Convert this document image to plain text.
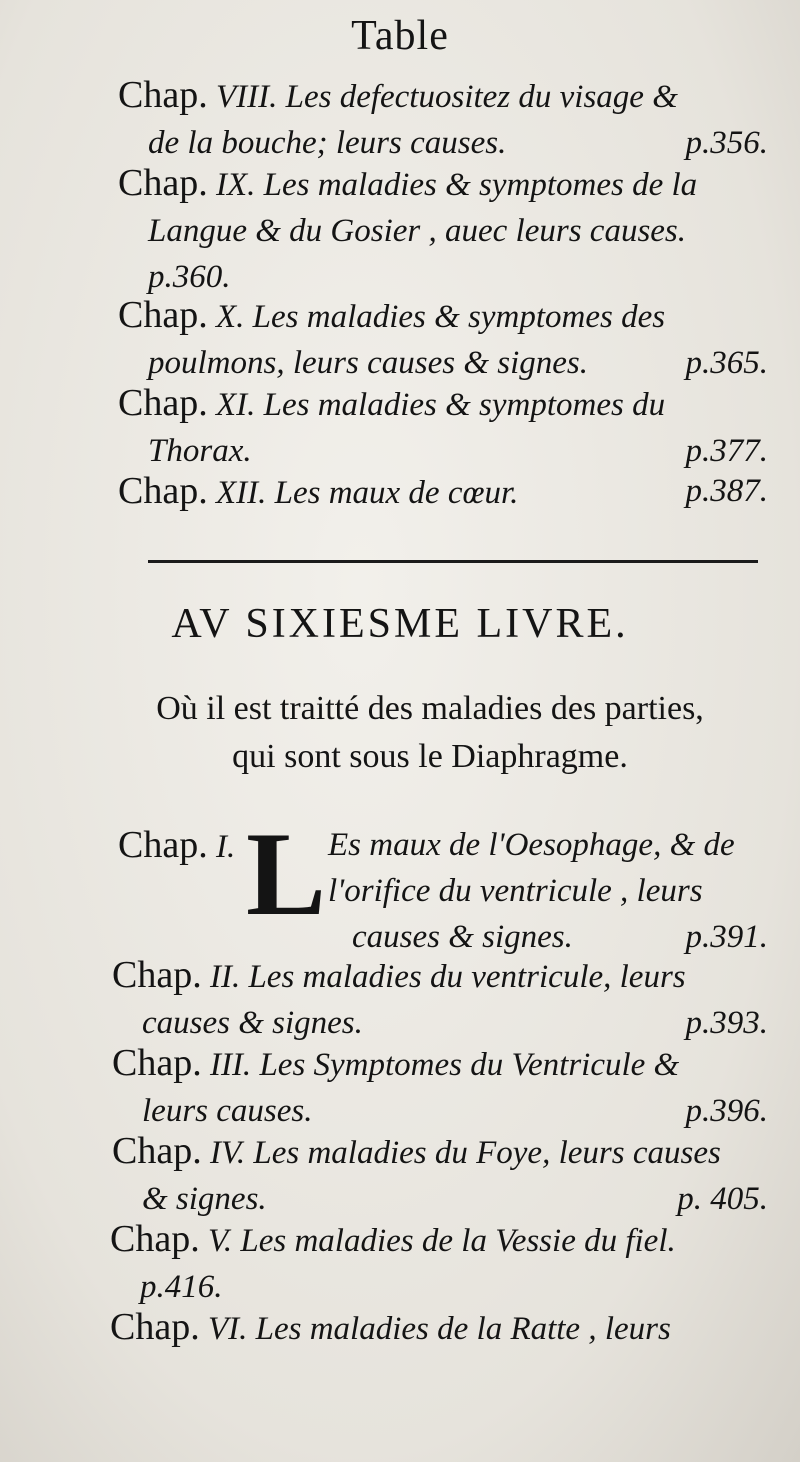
Table
Chap. VIII. Les defectuositez du visage &
de la bouche; leurs causes.	p.356.
Chap. IX. Les maladies & symptomes de la
Langue & du Gosier , auec leurs causes.
p.360.
Chap. X. Les maladies & symptomes des
poulmons, leurs causes & signes.	p.365.
Chap. XI. Les maladies & symptomes du
Thorax.	p.377.
Chap. XII. Les maux de cœur.	p.387.
AV SIXIESME LIVRE.
Où il est traitté des maladies des parties,
qui sont sous le Diaphragme.
Chap. I. L Es maux de l'Oesophage, & de
l'orifice du ventricule , leurs
causes & signes.	p.391.
Chap. II. Les maladies du ventricule, leurs
causes & signes.	p.393.
Chap. III. Les Symptomes du Ventricule &
leurs causes.	p.396.
Chap. IV. Les maladies du Foye, leurs causes
& signes.	p. 405.
Chap. V. Les maladies de la Vessie du fiel.
p.416.
Chap. VI. Les maladies de la Ratte , leurs
